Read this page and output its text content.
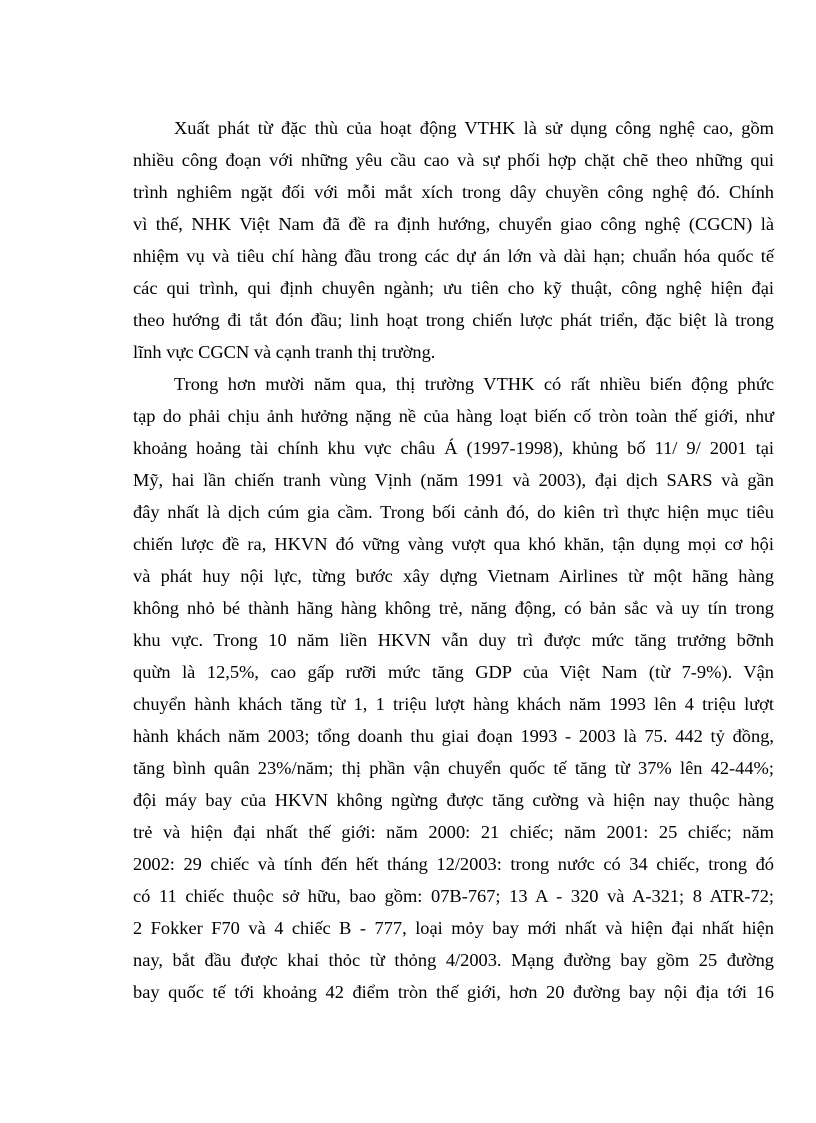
Xuất phát từ đặc thù của hoạt động VTHK là sử dụng công nghệ cao, gồm
nhiều công đoạn với những yêu cầu cao và sự phối hợp chặt chẽ theo những qui
trình nghiêm ngặt đối với mỗi mắt xích trong dây chuyền công nghệ đó. Chính
vì thế, NHK Việt Nam đã đề ra định hướng, chuyển giao công nghệ (CGCN) là
nhiệm vụ và tiêu chí hàng đầu trong các dự án lớn và dài hạn; chuẩn hóa quốc tế
các qui trình, qui định chuyên ngành; ưu tiên cho kỹ thuật, công nghệ hiện đại
theo hướng đi tắt đón đầu; linh hoạt trong chiến lược phát triển, đặc biệt là trong
lĩnh vực CGCN và cạnh tranh thị trường.
Trong hơn mười năm qua, thị trường VTHK có rất nhiều biến động phức
tạp do phải chịu ảnh hưởng nặng nề của hàng loạt biến cố tròn toàn thế giới, như
khoảng hoảng tài chính khu vực châu Á (1997-1998), khủng bố 11/ 9/ 2001 tại
Mỹ, hai lần chiến tranh vùng Vịnh (năm 1991 và 2003), đại dịch SARS và gần
đây nhất là dịch cúm gia cầm. Trong bối cảnh đó, do kiên trì thực hiện mục tiêu
chiến lược đề ra, HKVN đó vững vàng vượt qua khó khăn, tận dụng mọi cơ hội
và phát huy nội lực, từng bước xây dựng Vietnam Airlines từ một hãng hàng
không nhỏ bé thành hãng hàng không trẻ, năng động, có bản sắc và uy tín trong
khu vực. Trong 10 năm liền HKVN vẫn duy trì được mức tăng trưởng bỡnh
quừn là 12,5%, cao gấp rưỡi mức tăng GDP của Việt Nam (từ 7-9%). Vận
chuyển hành khách tăng từ 1, 1 triệu lượt hàng khách năm 1993 lên 4 triệu lượt
hành khách năm 2003; tổng doanh thu giai đoạn 1993 - 2003 là 75. 442 tỷ đồng,
tăng bình quân 23%/năm; thị phần vận chuyển quốc tế tăng từ 37% lên 42-44%;
đội máy bay của HKVN không ngừng được tăng cường và hiện nay thuộc hàng
trẻ và hiện đại nhất thế giới: năm 2000: 21 chiếc; năm 2001: 25 chiếc; năm
2002: 29 chiếc và tính đến hết tháng 12/2003: trong nước có 34 chiếc, trong đó
có 11 chiếc thuộc sở hữu, bao gồm: 07B-767; 13 A - 320 và A-321; 8 ATR-72;
2 Fokker F70 và 4 chiếc B - 777, loại mỏy bay mới nhất và hiện đại nhất hiện
nay, bắt đầu được khai thỏc từ thỏng 4/2003. Mạng đường bay gồm 25 đường
bay quốc tế tới khoảng 42 điểm tròn thế giới, hơn 20 đường bay nội địa tới 16
